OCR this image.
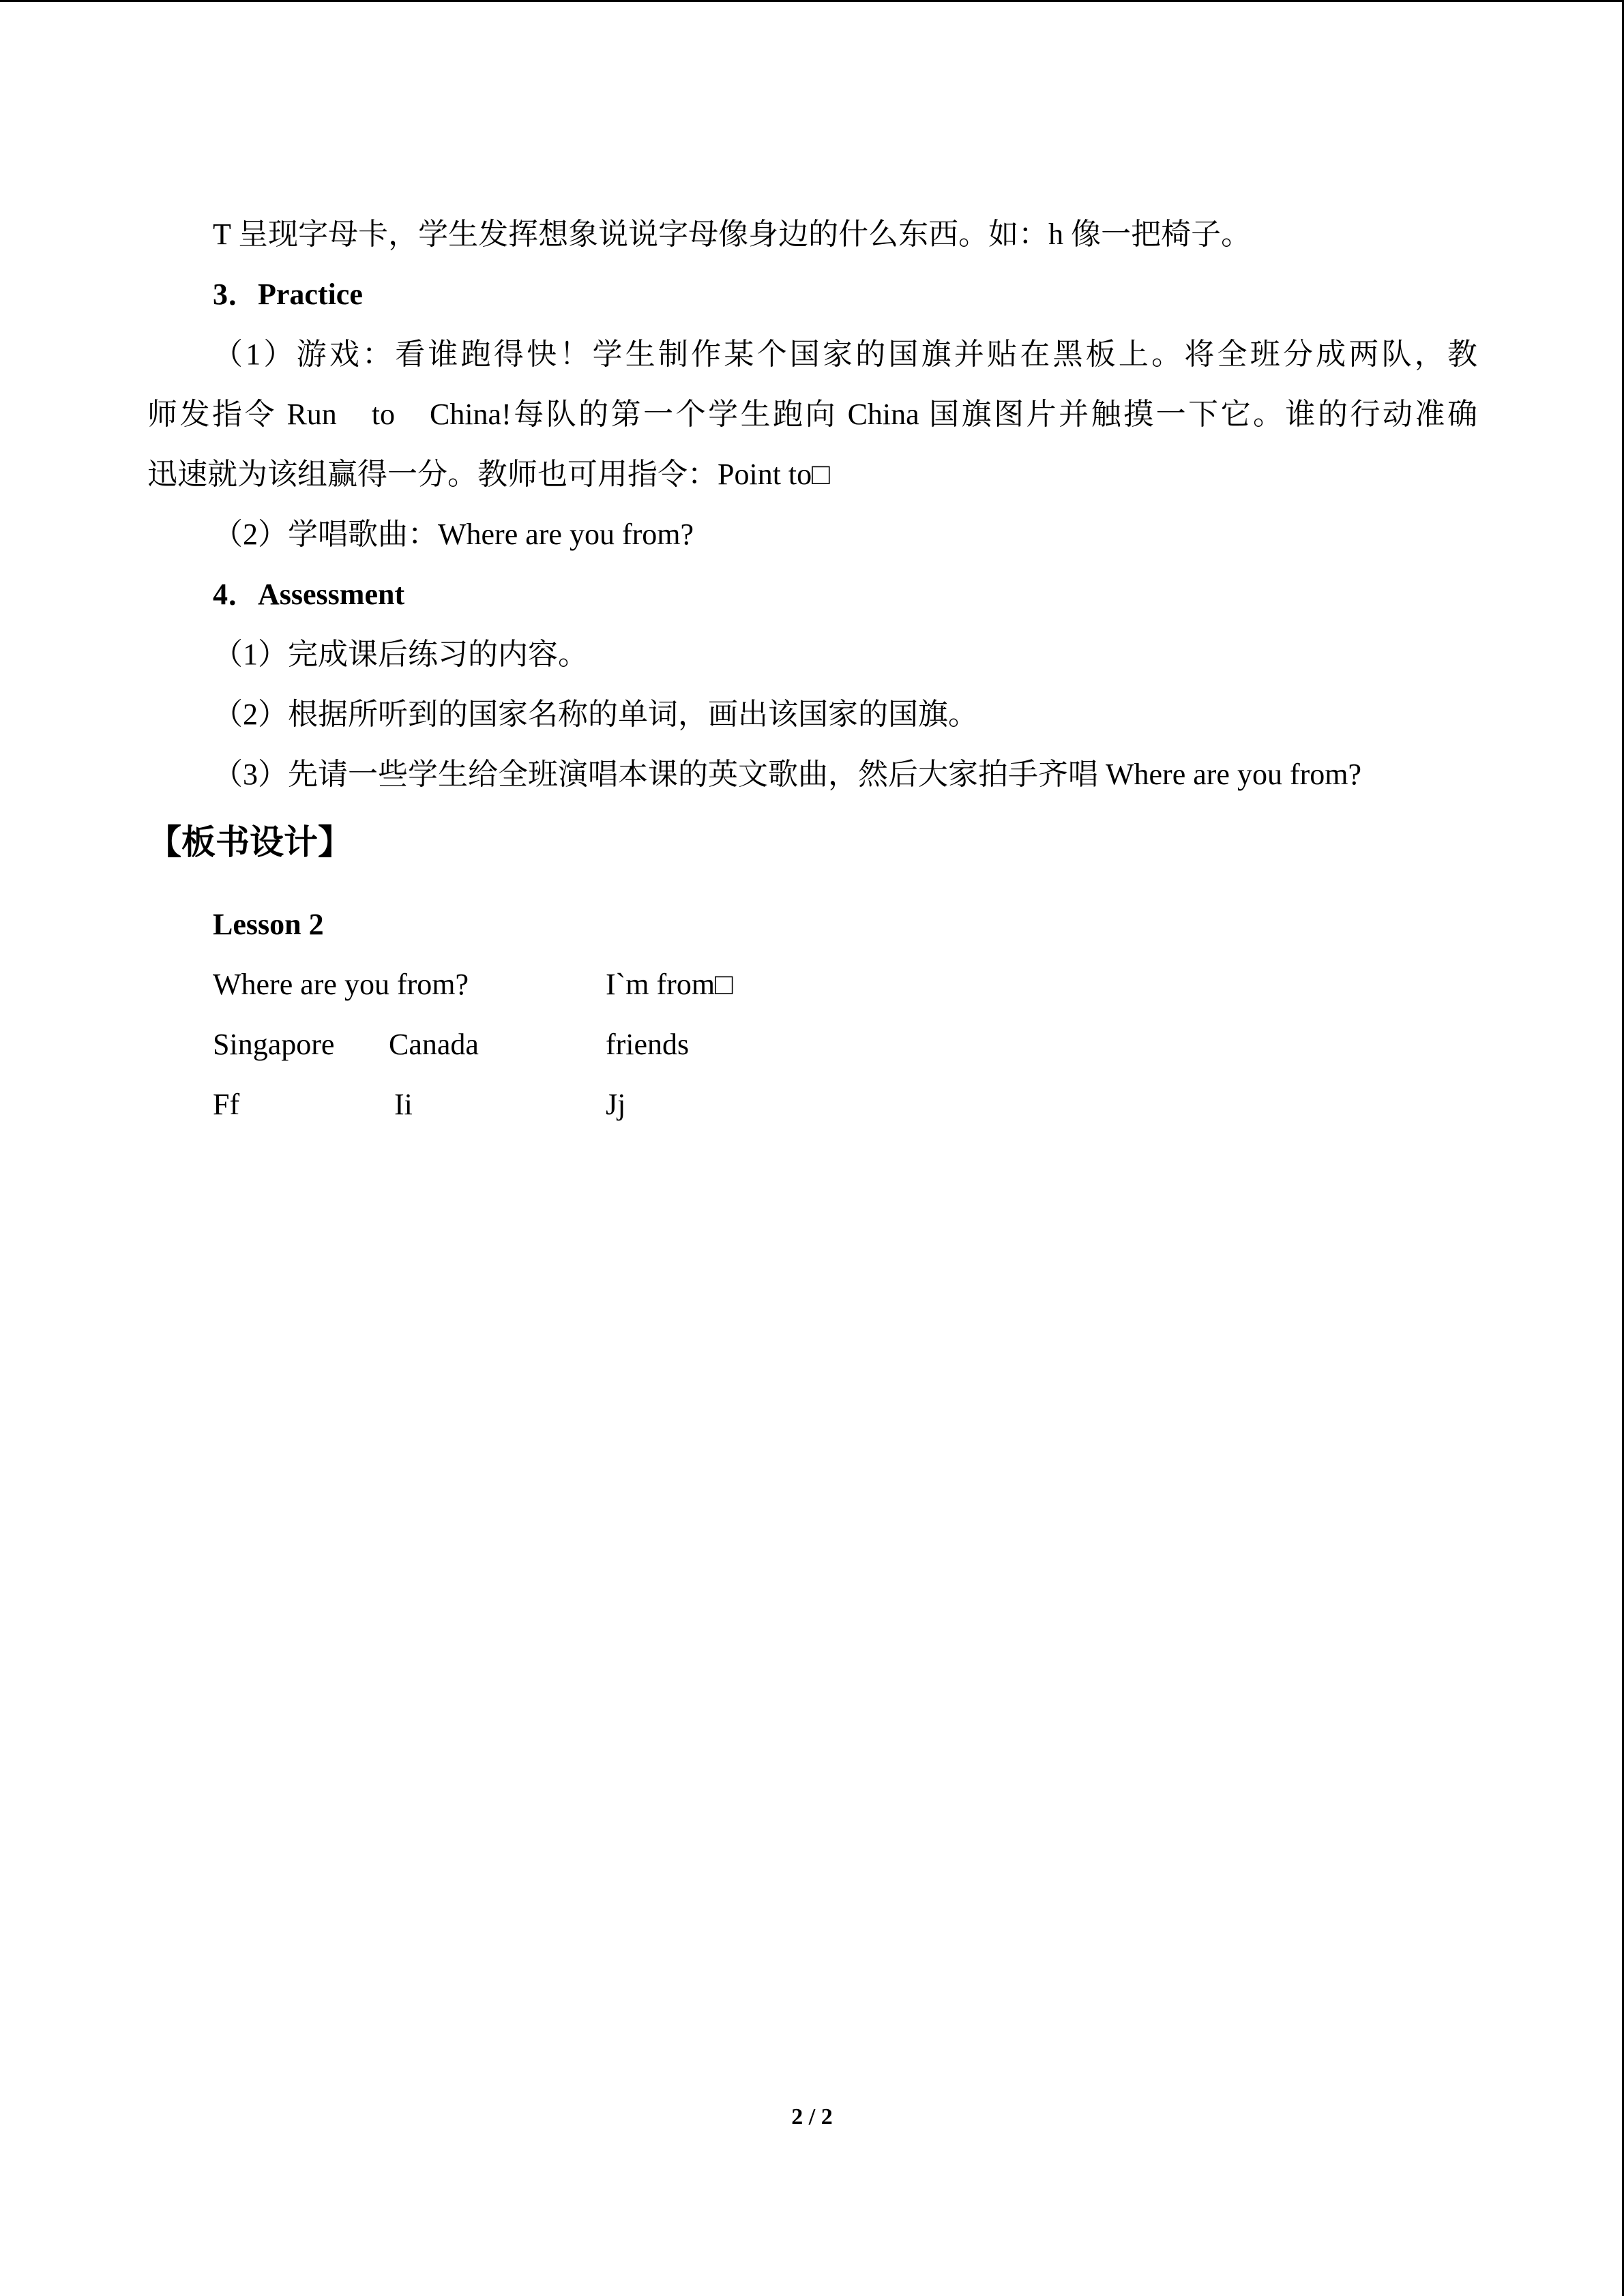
T 呈现字母卡，学生发挥想象说说字母像身边的什么东西。如：h 像一把椅子。

3．Practice

（1）游戏：看谁跑得快！学生制作某个国家的国旗并贴在黑板上。将全班分成两队，教

师发指令 Run　to　China!每队的第一个学生跑向 China 国旗图片并触摸一下它。谁的行动准确

迅速就为该组赢得一分。教师也可用指令：Point to□

（2）学唱歌曲：Where are you from?

4．Assessment

（1）完成课后练习的内容。

（2）根据所听到的国家名称的单词，画出该国家的国旗。

（3）先请一些学生给全班演唱本课的英文歌曲，然后大家拍手齐唱 Where are you from?

【板书设计】
Lesson 2
Where are you from?	I`m from□
Singapore Canada	friends
Ff	Ii	Jj
2 / 2
